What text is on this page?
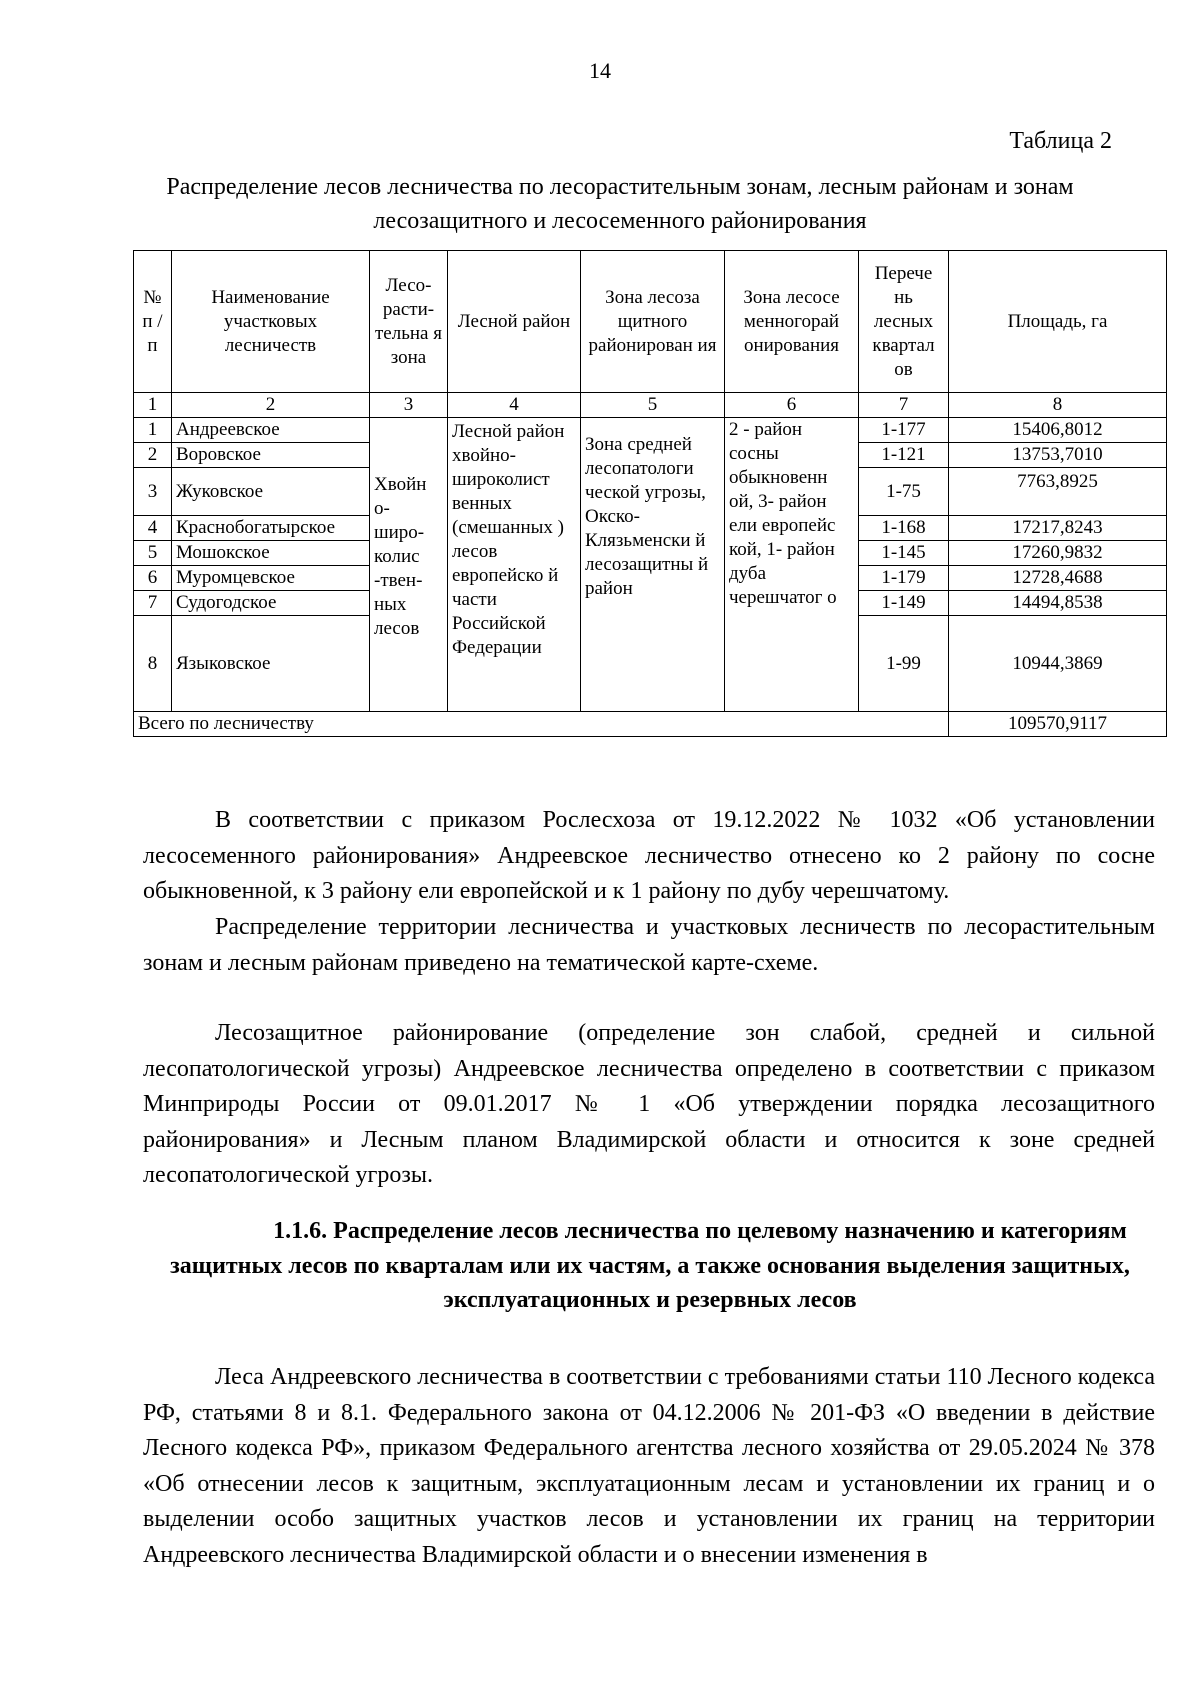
14
Таблица 2
Распределение лесов лесничества по лесорастительным зонам, лесным районам и зонам лесозащитного и лесосеменного районирования
№ п / п	Наименование участковых лесничеств	Лесо- расти- тельна я зона	Лесной район	Зона лесоза щитного районирован ия	Зона лесосе менногорай онирования	Перече нь лесных квартал ов	Площадь, га
1	2	3	4	5	6	7	8
1	Андреевское	Хвойн о- широ- колис -твен- ных лесов	Лесной район хвойно- широколист венных (смешанных ) лесов европейско й части Российской Федерации	Зона средней лесопатологи ческой угрозы, Окско- Клязьменски й лесозащитны й район	2 - район сосны обыкновенн ой, 3- район ели европейс кой, 1- район дуба черешчатог о	1-177	15406,8012
2	Воровское					1-121	13753,7010
3	Жуковское					1-75	7763,8925
4	Краснобогатырское					1-168	17217,8243
5	Мошокское					1-145	17260,9832
6	Муромцевское					1-179	12728,4688
7	Судогодское					1-149	14494,8538
8	Языковское					1-99	10944,3869
Всего по лесничеству							109570,9117
В соответствии с приказом Рослесхоза от 19.12.2022 № 1032 «Об установлении лесосеменного районирования» Андреевское лесничество отнесено ко 2 району по сосне обыкновенной, к 3 району ели европейской и к 1 району по дубу черешчатому.
Распределение территории лесничества и участковых лесничеств по лесорастительным зонам и лесным районам приведено на тематической карте-схеме.
Лесозащитное районирование (определение зон слабой, средней и сильной лесопатологической угрозы) Андреевское лесничества определено в соответствии с приказом Минприроды России от 09.01.2017 № 1 «Об утверждении порядка лесозащитного районирования» и Лесным планом Владимирской области и относится к зоне средней лесопатологической угрозы.
1.1.6. Распределение лесов лесничества по целевому назначению и категориям защитных лесов по кварталам или их частям, а также основания выделения защитных, эксплуатационных и резервных лесов
Леса Андреевского лесничества в соответствии с требованиями статьи 110 Лесного кодекса РФ, статьями 8 и 8.1. Федерального закона от 04.12.2006 № 201-ФЗ «О введении в действие Лесного кодекса РФ», приказом Федерального агентства лесного хозяйства от 29.05.2024 № 378 «Об отнесении лесов к защитным, эксплуатационным лесам и установлении их границ и о выделении особо защитных участков лесов и установлении их границ на территории Андреевского лесничества Владимирской области и о внесении изменения в
